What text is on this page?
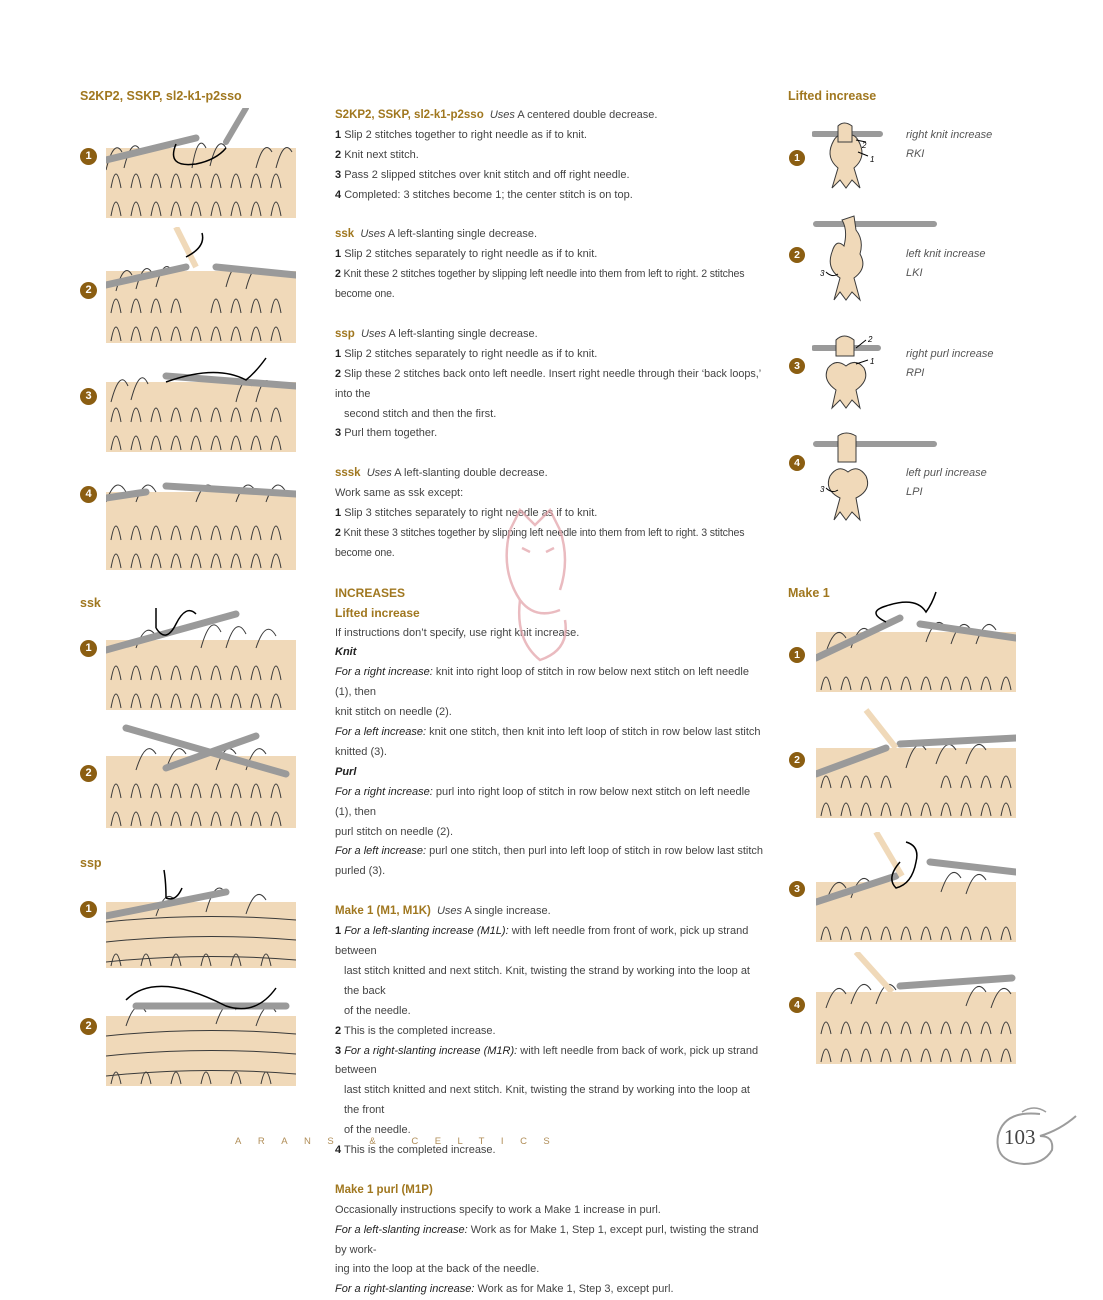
S2KP2, SSKP, sl2-k1-p2sso
1
2
3
4
ssk
1
2
ssp
1
2
S2KP2, SSKP, sl2-k1-p2sso Uses A centered double decrease.
1 Slip 2 stitches together to right needle as if to knit.
2 Knit next stitch.
3 Pass 2 slipped stitches over knit stitch and off right needle.
4 Completed: 3 stitches become 1; the center stitch is on top.
ssk Uses A left-slanting single decrease.
1 Slip 2 stitches separately to right needle as if to knit.
2 Knit these 2 stitches together by slipping left needle into them from left to right. 2 stitches become one.
ssp Uses A left-slanting single decrease.
1 Slip 2 stitches separately to right needle as if to knit.
2 Slip these 2 stitches back onto left needle. Insert right needle through their ‘back loops,’ into the
second stitch and then the first.
3 Purl them together.
sssk Uses A left-slanting double decrease.
Work same as ssk except:
1 Slip 3 stitches separately to right needle as if to knit.
2 Knit these 3 stitches together by slipping left needle into them from left to right. 3 stitches become one.
INCREASES
Lifted increase
If instructions don’t specify, use right knit increase.
Knit
For a right increase: knit into right loop of stitch in row below next stitch on left needle (1), then
knit stitch on needle (2).
For a left increase: knit one stitch, then knit into left loop of stitch in row below last stitch knitted (3).
Purl
For a right increase: purl into right loop of stitch in row below next stitch on left needle (1), then
purl stitch on needle (2).
For a left increase: purl one stitch, then purl into left loop of stitch in row below last stitch purled (3).
Make 1 (M1, M1K) Uses A single increase.
1 For a left-slanting increase (M1L): with left needle from front of work, pick up strand between
last stitch knitted and next stitch. Knit, twisting the strand by working into the loop at the back
of the needle.
2 This is the completed increase.
3 For a right-slanting increase (M1R): with left needle from back of work, pick up strand between
last stitch knitted and next stitch. Knit, twisting the strand by working into the loop at the front
of the needle.
4 This is the completed increase.
Make 1 purl (M1P)
Occasionally instructions specify to work a Make 1 increase in purl.
For a left-slanting increase: Work as for Make 1, Step 1, except purl, twisting the strand by work-
ing into the loop at the back of the needle.
For a right-slanting increase: Work as for Make 1, Step 3, except purl.
Lifted increase
2
1
1
right knit increase
RKI
3
2	left knit increase
LKI
2
1
3
right purl increase
RPI
3
4
left purl increase
LPI
Make 1
1
2
3
4
ARANS & CELTICS	103
